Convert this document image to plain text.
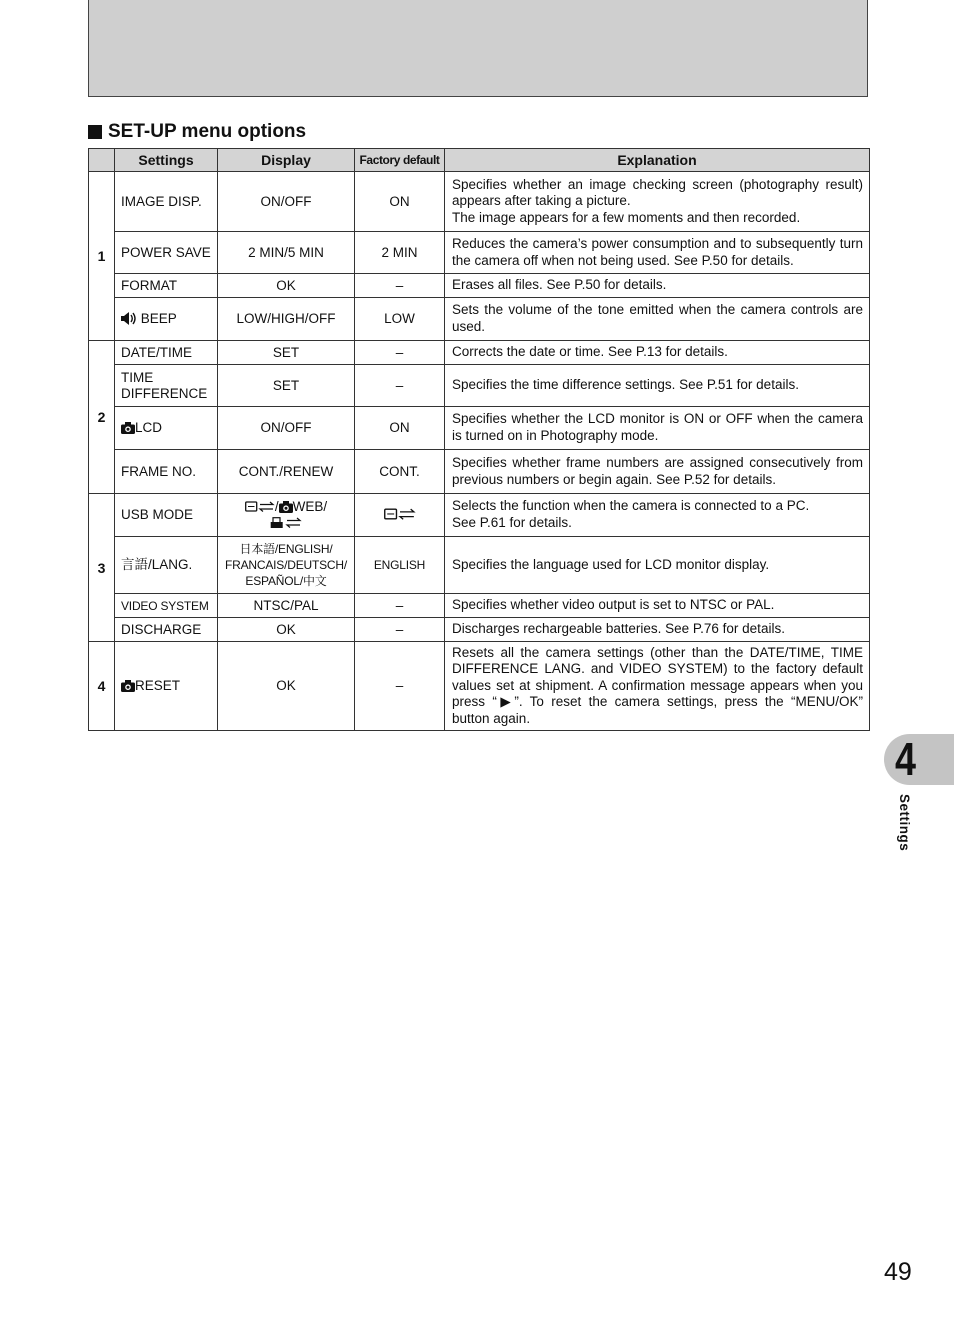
SET-UP menu options
	Settings	Display	Factory default	Explanation
1	IMAGE DISP.	ON/OFF	ON	Specifies whether an image checking screen (photography result) appears after taking a picture.
The image appears for a few moments and then recorded.

	POWER SAVE	2 MIN/5 MIN	2 MIN	Reduces the camera’s power consumption and to subsequently turn the camera off when not being used. See P.50 for details.
	FORMAT	OK	–	Erases all files. See P.50 for details.
	BEEP	LOW/HIGH/OFF	LOW	Sets the volume of the tone emitted when the camera controls are used.
2	DATE/TIME	SET	–	Corrects the date or time. See P.13 for details.

	TIME
DIFFERENCE	SET	–	Specifies the time difference settings. See P.51 for details.
	LCD	ON/OFF	ON	Specifies whether the LCD monitor is ON or OFF when the camera is turned on in Photography mode.
	FRAME NO.	CONT./RENEW	CONT.	Specifies whether frame numbers are assigned consecutively from previous numbers or begin again. See P.52 for details.
3	USB MODE	/ WEB/		Selects the function when the camera is connected to a PC.
See P.61 for details.

	言語/LANG.	日本語/ENGLISH/
FRANCAIS/DEUTSCH/
ESPAÑOL/中文	ENGLISH	Specifies the language used for LCD monitor display.
	VIDEO SYSTEM	NTSC/PAL	–	Specifies whether video output is set to NTSC or PAL.
	DISCHARGE	OK	–	Discharges rechargeable batteries. See P.76 for details.
4	RESET	OK	–	Resets all the camera settings (other than the DATE/TIME, TIME DIFFERENCE LANG. and VIDEO SYSTEM) to the factory default values set at shipment. A confirmation message appears when you press “▶”. To reset the camera settings, press the “MENU/OK” button again.
4
Settings
49
